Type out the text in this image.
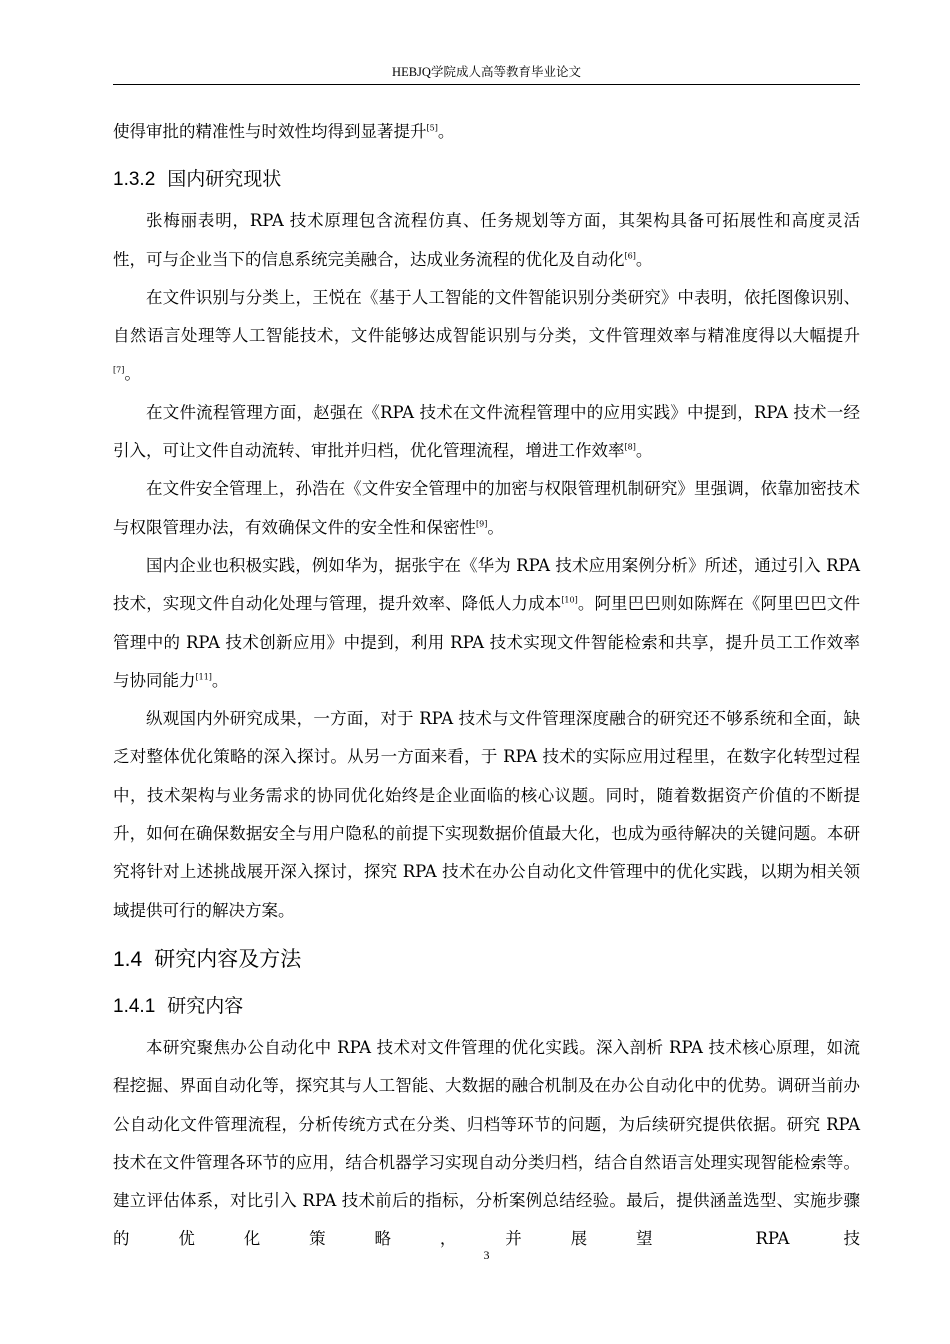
HEBJQ学院成人高等教育毕业论文

使得审批的精准性与时效性均得到显著提升[5]。

1.3.2 国内研究现状

张梅丽表明，RPA 技术原理包含流程仿真、任务规划等方面，其架构具备可拓展性和高度灵活性，可与企业当下的信息系统完美融合，达成业务流程的优化及自动化[6]。

在文件识别与分类上，王悦在《基于人工智能的文件智能识别分类研究》中表明，依托图像识别、自然语言处理等人工智能技术，文件能够达成智能识别与分类，文件管理效率与精准度得以大幅提升[7]。

在文件流程管理方面，赵强在《RPA 技术在文件流程管理中的应用实践》中提到，RPA 技术一经引入，可让文件自动流转、审批并归档，优化管理流程，增进工作效率[8]。

在文件安全管理上，孙浩在《文件安全管理中的加密与权限管理机制研究》里强调，依靠加密技术与权限管理办法，有效确保文件的安全性和保密性[9]。

国内企业也积极实践，例如华为，据张宇在《华为 RPA 技术应用案例分析》所述，通过引入 RPA 技术，实现文件自动化处理与管理，提升效率、降低人力成本[10]。阿里巴巴则如陈辉在《阿里巴巴文件管理中的 RPA 技术创新应用》中提到，利用 RPA 技术实现文件智能检索和共享，提升员工工作效率与协同能力[11]。

纵观国内外研究成果，一方面，对于 RPA 技术与文件管理深度融合的研究还不够系统和全面，缺乏对整体优化策略的深入探讨。从另一方面来看，于 RPA 技术的实际应用过程里，在数字化转型过程中，技术架构与业务需求的协同优化始终是企业面临的核心议题。同时，随着数据资产价值的不断提升，如何在确保数据安全与用户隐私的前提下实现数据价值最大化，也成为亟待解决的关键问题。本研究将针对上述挑战展开深入探讨，探究 RPA 技术在办公自动化文件管理中的优化实践，以期为相关领域提供可行的解决方案。

1.4 研究内容及方法
1.4.1 研究内容

本研究聚焦办公自动化中 RPA 技术对文件管理的优化实践。深入剖析 RPA 技术核心原理，如流程挖掘、界面自动化等，探究其与人工智能、大数据的融合机制及在办公自动化中的优势。调研当前办公自动化文件管理流程，分析传统方式在分类、归档等环节的问题，为后续研究提供依据。研究 RPA 技术在文件管理各环节的应用，结合机器学习实现自动分类归档，结合自然语言处理实现智能检索等。建立评估体系，对比引入 RPA 技术前后的指标，分析案例总结经验。最后，提供涵盖选型、实施步骤的优化策略，并展望 RPA 技

3
